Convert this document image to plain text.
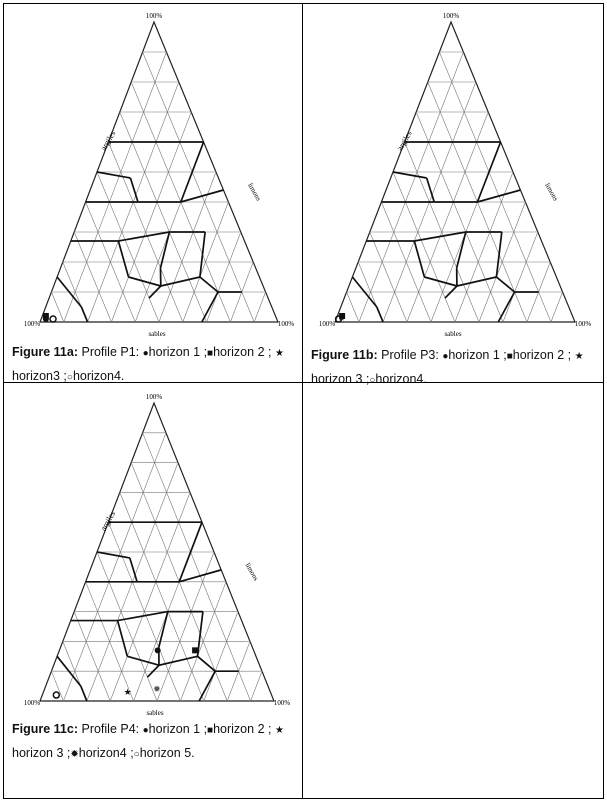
100%
100%	100%
argiles
limons
sables
Figure 11a: Profile P1: ●horizon 1 ;■horizon 2 ; ★
horizon3 ;○horizon4.
100%
100%	100%
argiles
limons
sables
★
Figure 11b: Profile P3: ●horizon 1 ;■horizon 2 ; ★
horizon 3 ;○horizon4.
100%
100%	100%
argiles
limons
sables
★ ✹
Figure 11c: Profile P4: ●horizon 1 ;■horizon 2 ; ★
horizon 3 ;✹horizon4 ;○horizon 5.
